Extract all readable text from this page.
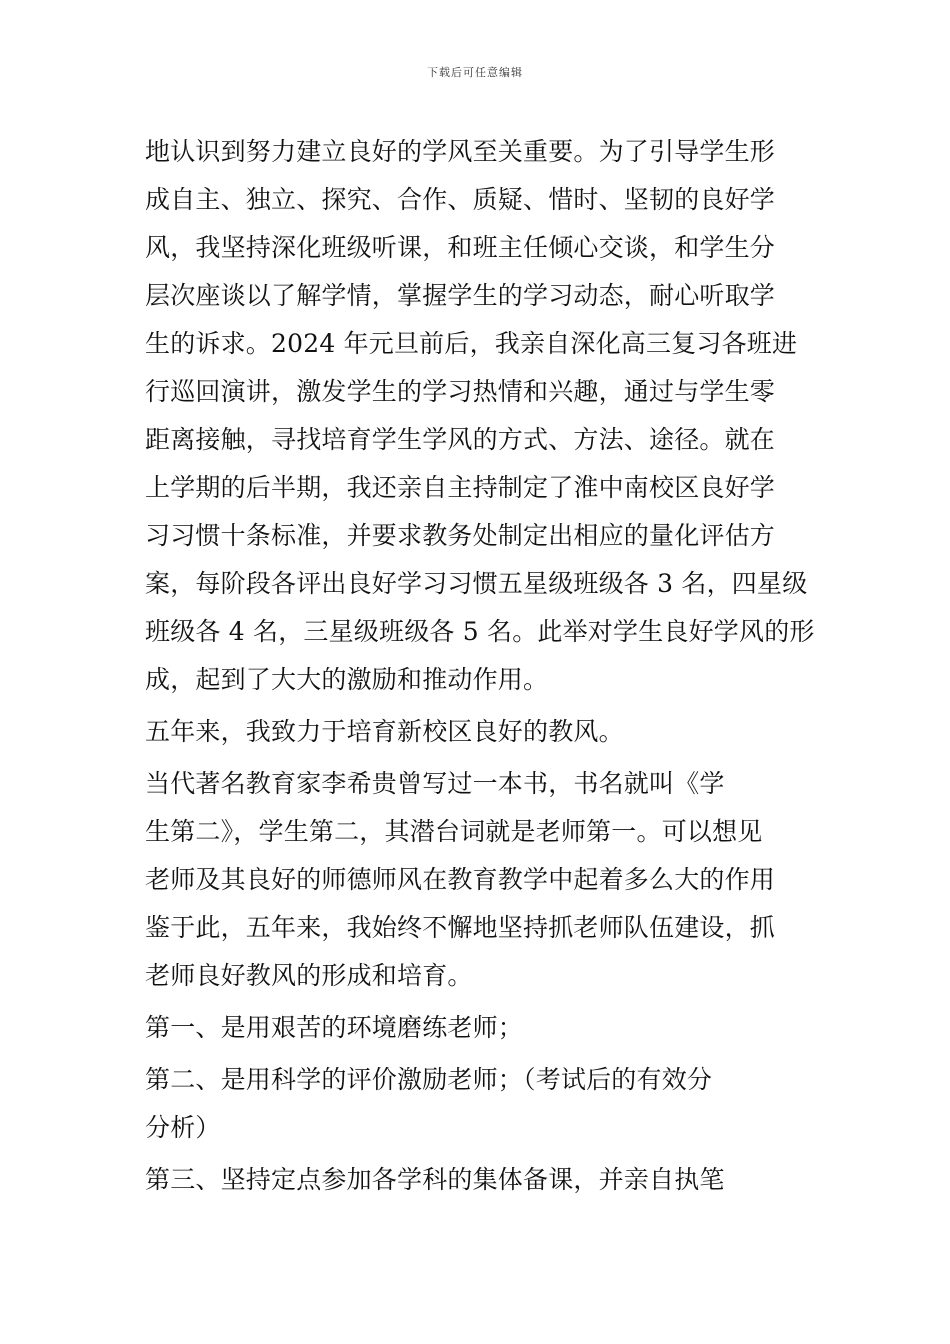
下载后可任意编辑
地认识到努力建立良好的学风至关重要。为了引导学生形
成自主、独立、探究、合作、质疑、惜时、坚韧的良好学
风，我坚持深化班级听课，和班主任倾心交谈，和学生分
层次座谈以了解学情，掌握学生的学习动态，耐心听取学
生的诉求。2024 年元旦前后，我亲自深化高三复习各班进
行巡回演讲，激发学生的学习热情和兴趣，通过与学生零
距离接触，寻找培育学生学风的方式、方法、途径。就在
上学期的后半期，我还亲自主持制定了淮中南校区良好学
习习惯十条标准，并要求教务处制定出相应的量化评估方
案，每阶段各评出良好学习习惯五星级班级各 3 名，四星级
班级各 4 名，三星级班级各 5 名。此举对学生良好学风的形
成，起到了大大的激励和推动作用。
五年来，我致力于培育新校区良好的教风。
当代著名教育家李希贵曾写过一本书，书名就叫《学
生第二》，学生第二，其潜台词就是老师第一。可以想见
老师及其良好的师德师风在教育教学中起着多么大的作用
鉴于此，五年来，我始终不懈地坚持抓老师队伍建设，抓
老师良好教风的形成和培育。
第一、是用艰苦的环境磨练老师；
第二、是用科学的评价激励老师；（考试后的有效分
分析）
第三、坚持定点参加各学科的集体备课，并亲自执笔
